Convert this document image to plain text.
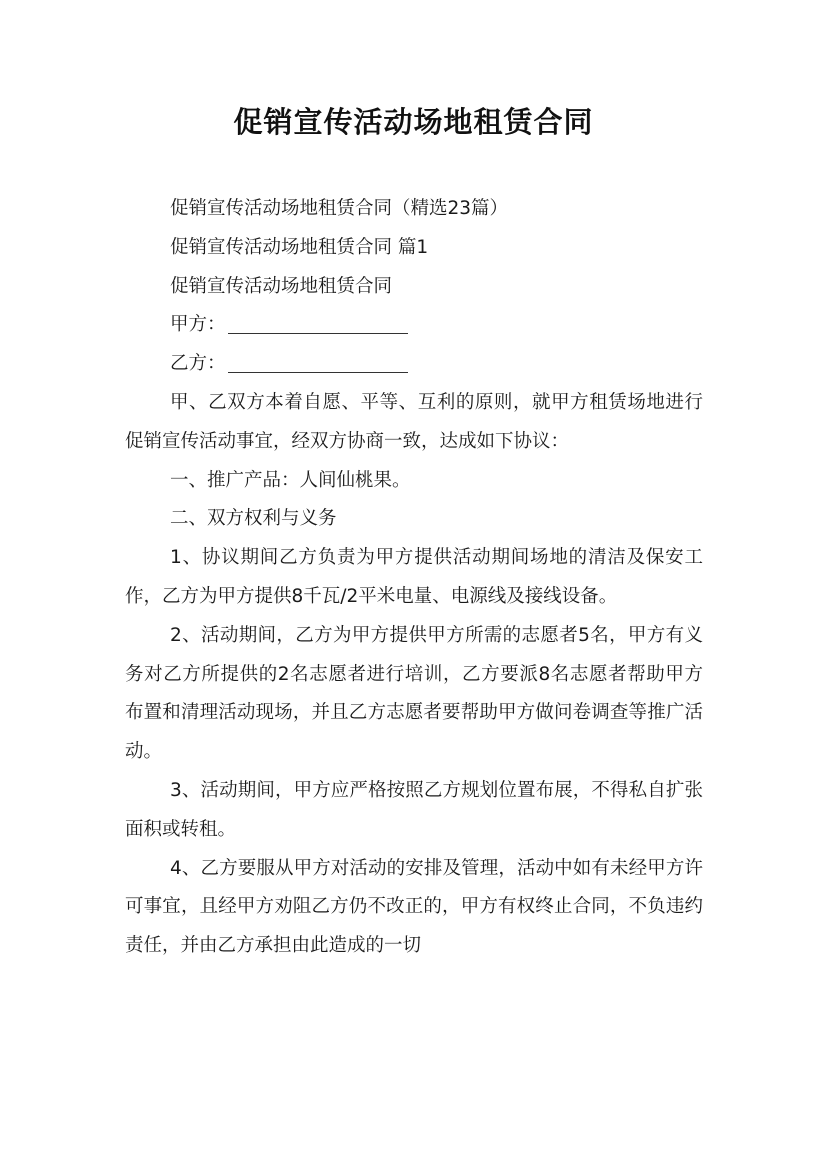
促销宣传活动场地租赁合同

促销宣传活动场地租赁合同（精选23篇）

促销宣传活动场地租赁合同 篇1

促销宣传活动场地租赁合同

甲方：

乙方：

甲、乙双方本着自愿、平等、互利的原则，就甲方租赁场地进行促销宣传活动事宜，经双方协商一致，达成如下协议：

一、推广产品：人间仙桃果。

二、双方权利与义务

1、协议期间乙方负责为甲方提供活动期间场地的清洁及保安工作，乙方为甲方提供8千瓦/2平米电量、电源线及接线设备。

2、活动期间，乙方为甲方提供甲方所需的志愿者5名，甲方有义务对乙方所提供的2名志愿者进行培训，乙方要派8名志愿者帮助甲方布置和清理活动现场，并且乙方志愿者要帮助甲方做问卷调查等推广活动。

3、活动期间，甲方应严格按照乙方规划位置布展，不得私自扩张面积或转租。

4、乙方要服从甲方对活动的安排及管理，活动中如有未经甲方许可事宜，且经甲方劝阻乙方仍不改正的，甲方有权终止合同，不负违约责任，并由乙方承担由此造成的一切
